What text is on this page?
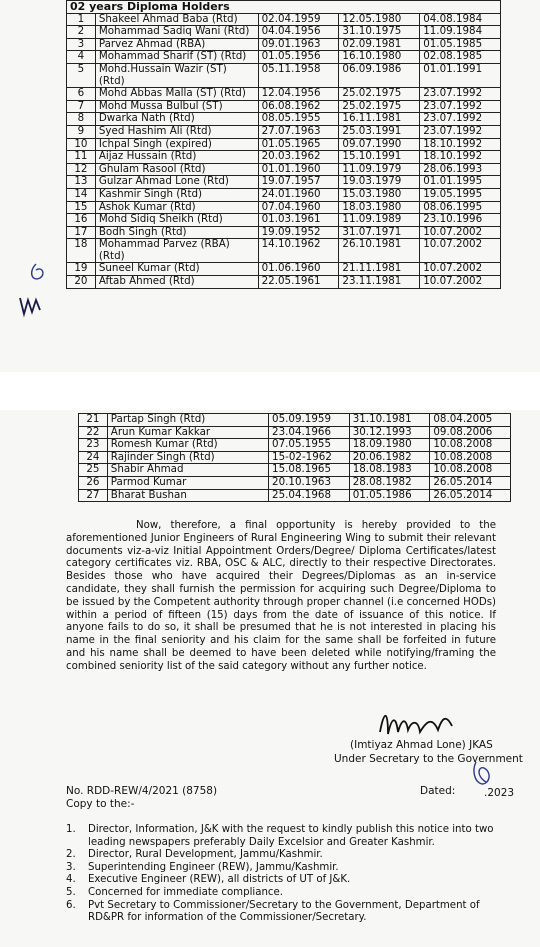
02 years Diploma Holders				
1	Shakeel Ahmad Baba (Rtd)	02.04.1959	12.05.1980	04.08.1984
2	Mohammad Sadiq Wani (Rtd)	04.04.1956	31.10.1975	11.09.1984
3	Parvez Ahmad (RBA)	09.01.1963	02.09.1981	01.05.1985
4	Mohammad Sharif (ST) (Rtd)	01.05.1956	16.10.1980	02.08.1985
5	Mohd.Hussain Wazir (ST) (Rtd)	05.11.1958	06.09.1986	01.01.1991
6	Mohd Abbas Malla (ST) (Rtd)	12.04.1956	25.02.1975	23.07.1992
7	Mohd Mussa Bulbul (ST)	06.08.1962	25.02.1975	23.07.1992
8	Dwarka Nath (Rtd)	08.05.1955	16.11.1981	23.07.1992
9	Syed Hashim Ali (Rtd)	27.07.1963	25.03.1991	23.07.1992
10	Ichpal Singh (expired)	01.05.1965	09.07.1990	18.10.1992
11	Aijaz Hussain (Rtd)	20.03.1962	15.10.1991	18.10.1992
12	Ghulam Rasool (Rtd)	01.01.1960	11.09.1979	28.06.1993
13	Gulzar Ahmad Lone (Rtd)	19.07.1957	19.03.1979	01.01.1995
14	Kashmir Singh (Rtd)	24.01.1960	15.03.1980	19.05.1995
15	Ashok Kumar (Rtd)	07.04.1960	18.03.1980	08.06.1995
16	Mohd Sidiq Sheikh (Rtd)	01.03.1961	11.09.1989	23.10.1996
17	Bodh Singh (Rtd)	19.09.1952	31.07.1971	10.07.2002
18	Mohammad Parvez (RBA) (Rtd)	14.10.1962	26.10.1981	10.07.2002
19	Suneel Kumar (Rtd)	01.06.1960	21.11.1981	10.07.2002
20	Aftab Ahmed (Rtd)	22.05.1961	23.11.1981	10.07.2002
21	Partap Singh (Rtd)	05.09.1959	31.10.1981	08.04.2005
22	Arun Kumar Kakkar	23.04.1966	30.12.1993	09.08.2006
23	Romesh Kumar (Rtd)	07.05.1955	18.09.1980	10.08.2008
24	Rajinder Singh (Rtd)	15-02-1962	20.06.1982	10.08.2008
25	Shabir Ahmad	15.08.1965	18.08.1983	10.08.2008
26	Parmod Kumar	20.10.1963	28.08.1982	26.05.2014
27	Bharat Bushan	25.04.1968	01.05.1986	26.05.2014
Now, therefore, a final opportunity is hereby provided to the aforementioned Junior Engineers of Rural Engineering Wing to submit their relevant documents viz-a-viz Initial Appointment Orders/Degree/ Diploma Certificates/latest category certificates viz. RBA, OSC & ALC, directly to their respective Directorates. Besides those who have acquired their Degrees/Diplomas as an in-service candidate, they shall furnish the permission for acquiring such Degree/Diploma to be issued by the Competent authority through proper channel (i.e concerned HODs) within a period of fifteen (15) days from the date of issuance of this notice. If anyone fails to do so, it shall be presumed that he is not interested in placing his name in the final seniority and his claim for the same shall be forfeited in future and his name shall be deemed to have been deleted while notifying/framing the combined seniority list of the said category without any further notice.
(Imtiyaz Ahmad Lone) JKAS
Under Secretary to the Government
No. RDD-REW/4/2021 (8758)	Dated:	.2023
Copy to the:-
1. Director, Information, J&K with the request to kindly publish this notice into two leading newspapers preferably Daily Excelsior and Greater Kashmir.
2. Director, Rural Development, Jammu/Kashmir.
3. Superintending Engineer (REW), Jammu/Kashmir.
4. Executive Engineer (REW), all districts of UT of J&K.
5. Concerned for immediate compliance.
6. Pvt Secretary to Commissioner/Secretary to the Government, Department of RD&PR for information of the Commissioner/Secretary.
